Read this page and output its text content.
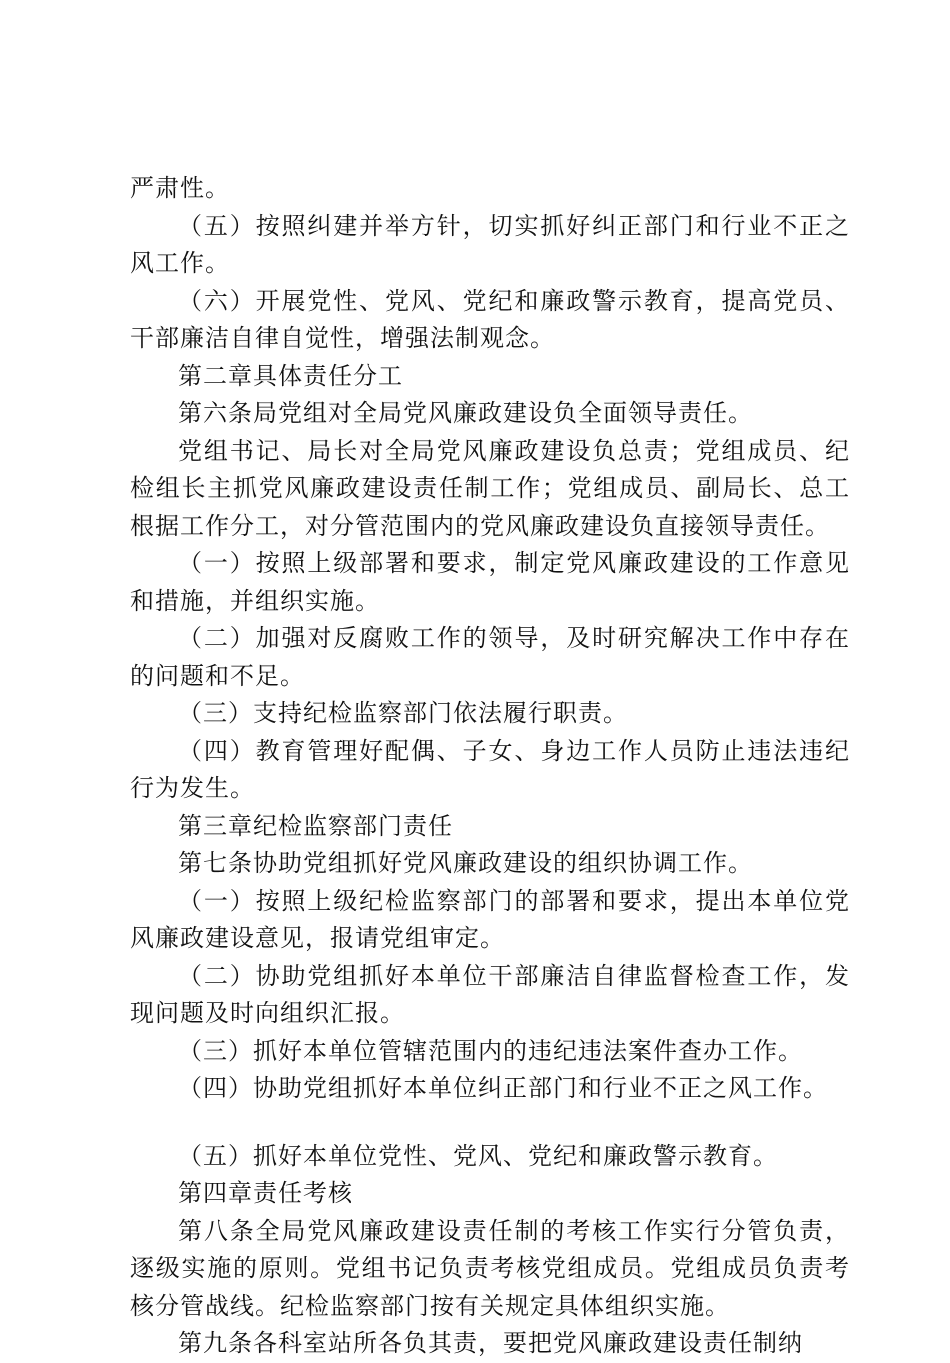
严肃性。

（五）按照纠建并举方针，切实抓好纠正部门和行业不正之风工作。

（六）开展党性、党风、党纪和廉政警示教育，提高党员、干部廉洁自律自觉性，增强法制观念。

第二章具体责任分工

第六条局党组对全局党风廉政建设负全面领导责任。

党组书记、局长对全局党风廉政建设负总责；党组成员、纪检组长主抓党风廉政建设责任制工作；党组成员、副局长、总工根据工作分工，对分管范围内的党风廉政建设负直接领导责任。

（一）按照上级部署和要求，制定党风廉政建设的工作意见和措施，并组织实施。

（二）加强对反腐败工作的领导，及时研究解决工作中存在的问题和不足。

（三）支持纪检监察部门依法履行职责。

（四）教育管理好配偶、子女、身边工作人员防止违法违纪行为发生。

第三章纪检监察部门责任

第七条协助党组抓好党风廉政建设的组织协调工作。

（一）按照上级纪检监察部门的部署和要求，提出本单位党风廉政建设意见，报请党组审定。

（二）协助党组抓好本单位干部廉洁自律监督检查工作，发现问题及时向组织汇报。

（三）抓好本单位管辖范围内的违纪违法案件查办工作。

（四）协助党组抓好本单位纠正部门和行业不正之风工作。

（五）抓好本单位党性、党风、党纪和廉政警示教育。

第四章责任考核

第八条全局党风廉政建设责任制的考核工作实行分管负责，逐级实施的原则。党组书记负责考核党组成员。党组成员负责考核分管战线。纪检监察部门按有关规定具体组织实施。

第九条各科室站所各负其责，要把党风廉政建设责任制纳
